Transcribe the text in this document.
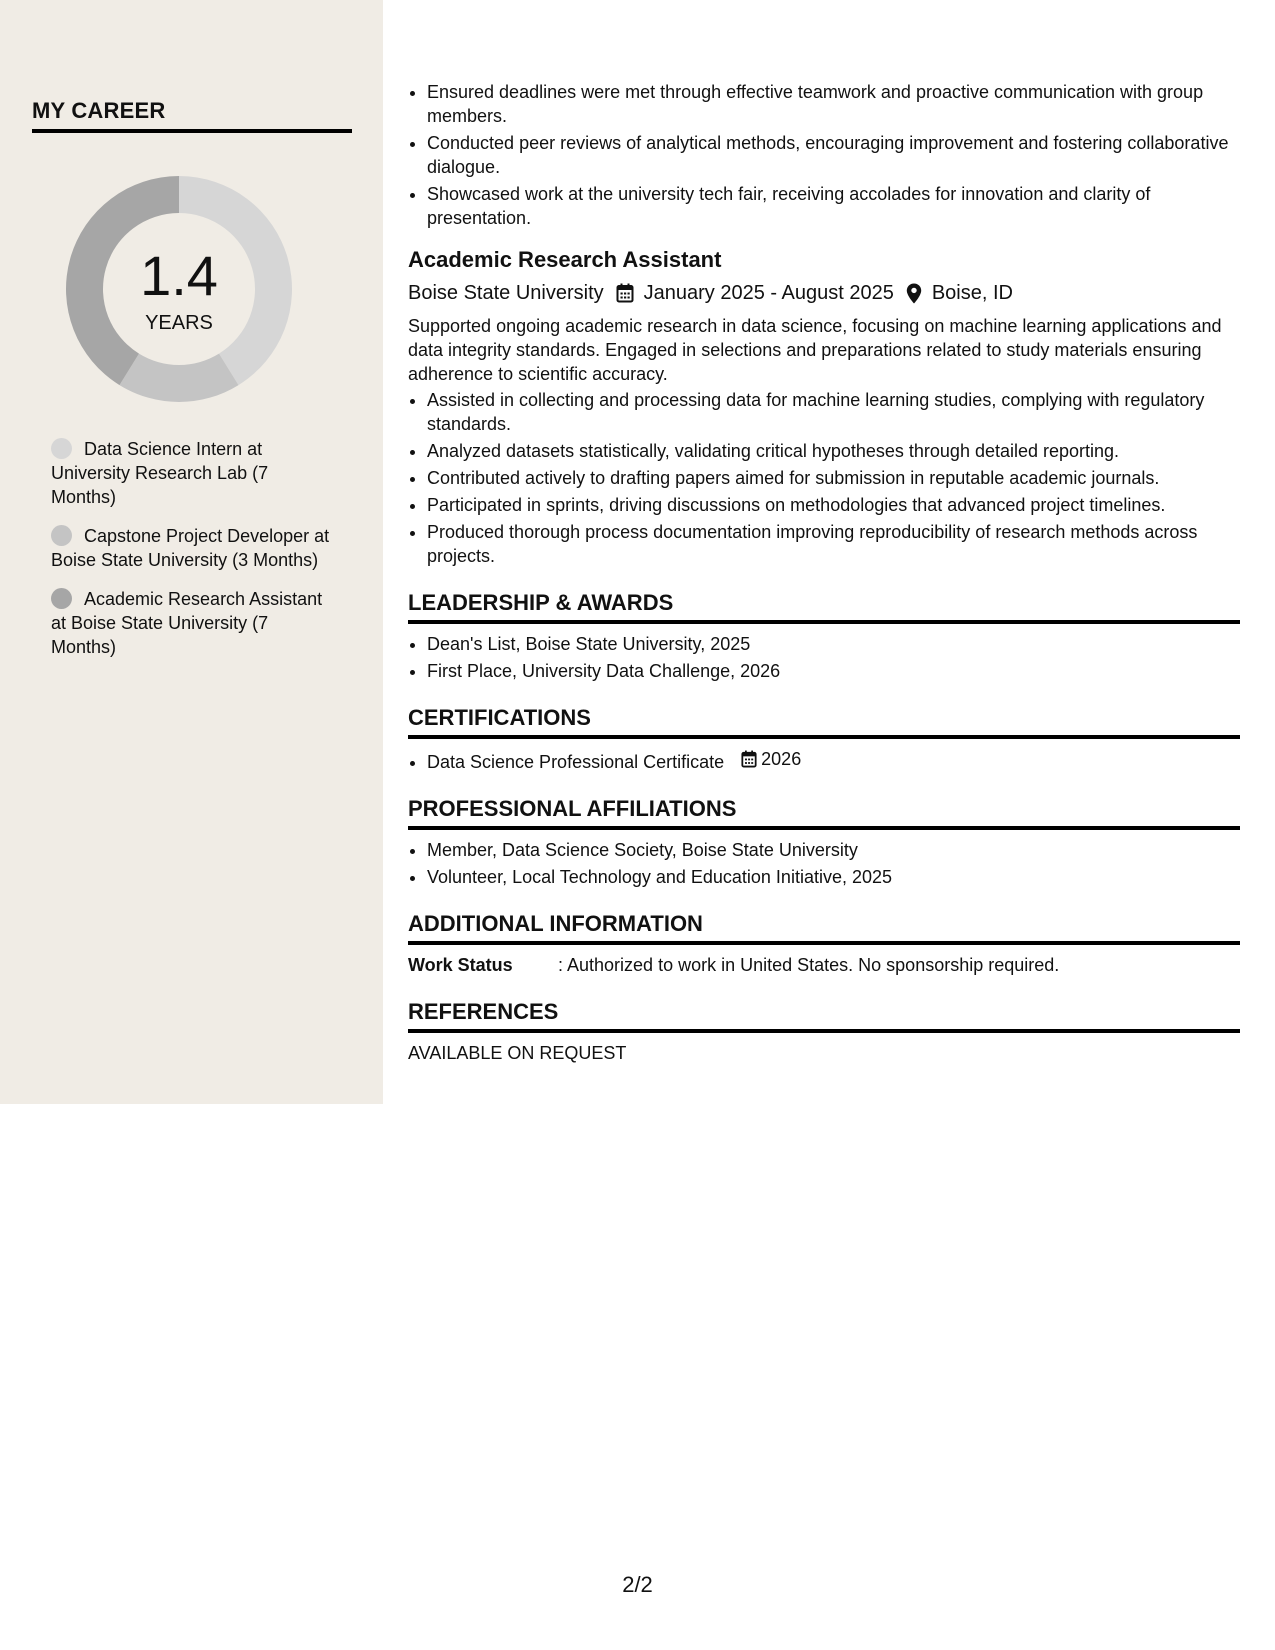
MY CAREER
1.4
YEARS
Data Science Intern at University Research Lab (7 Months)
Capstone Project Developer at Boise State University (3 Months)
Academic Research Assistant at Boise State University (7 Months)
• Ensured deadlines were met through effective teamwork and proactive communication with group members.
• Conducted peer reviews of analytical methods, encouraging improvement and fostering collaborative dialogue.
• Showcased work at the university tech fair, receiving accolades for innovation and clarity of presentation.
Academic Research Assistant
Boise State University January 2025 - August 2025 Boise, ID
Supported ongoing academic research in data science, focusing on machine learning applications and data integrity standards. Engaged in selections and preparations related to study materials ensuring adherence to scientific accuracy.
• Assisted in collecting and processing data for machine learning studies, complying with regulatory standards.
• Analyzed datasets statistically, validating critical hypotheses through detailed reporting.
• Contributed actively to drafting papers aimed for submission in reputable academic journals.
• Participated in sprints, driving discussions on methodologies that advanced project timelines.
• Produced thorough process documentation improving reproducibility of research methods across projects.
LEADERSHIP & AWARDS
• Dean's List, Boise State University, 2025
• First Place, University Data Challenge, 2026
CERTIFICATIONS
• Data Science Professional Certificate 2026
PROFESSIONAL AFFILIATIONS
• Member, Data Science Society, Boise State University
• Volunteer, Local Technology and Education Initiative, 2025
ADDITIONAL INFORMATION
Work Status	: Authorized to work in United States. No sponsorship required.
REFERENCES
AVAILABLE ON REQUEST
2/2
